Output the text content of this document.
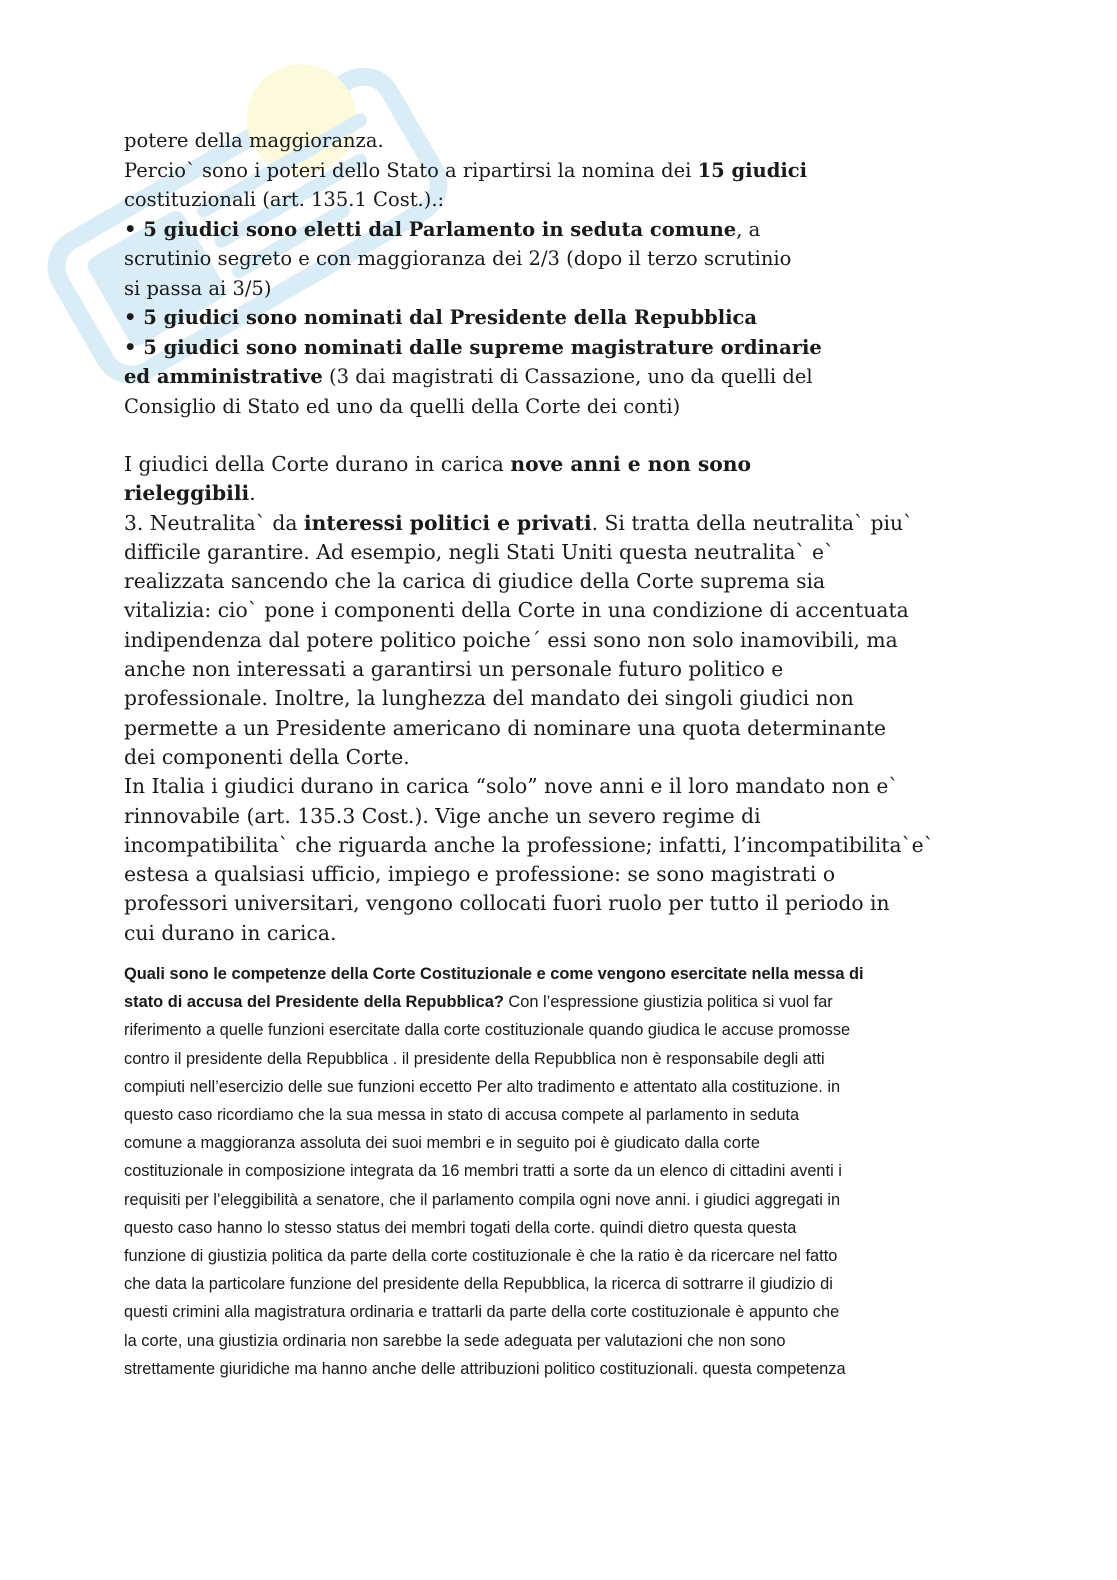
potere della maggioranza.

Percio` sono i poteri dello Stato a ripartirsi la nomina dei 15 giudici

costituzionali (art. 135.1 Cost.).:

• 5 giudici sono eletti dal Parlamento in seduta comune, a

scrutinio segreto e con maggioranza dei 2/3 (dopo il terzo scrutinio

si passa ai 3/5)

• 5 giudici sono nominati dal Presidente della Repubblica

• 5 giudici sono nominati dalle supreme magistrature ordinarie

ed amministrative (3 dai magistrati di Cassazione, uno da quelli del

Consiglio di Stato ed uno da quelli della Corte dei conti)

I giudici della Corte durano in carica nove anni e non sono

rieleggibili.

3. Neutralita` da interessi politici e privati. Si tratta della neutralita` piu`

difficile garantire. Ad esempio, negli Stati Uniti questa neutralita` e`

realizzata sancendo che la carica di giudice della Corte suprema sia

vitalizia: cio` pone i componenti della Corte in una condizione di accentuata

indipendenza dal potere politico poiche´ essi sono non solo inamovibili, ma

anche non interessati a garantirsi un personale futuro politico e

professionale. Inoltre, la lunghezza del mandato dei singoli giudici non

permette a un Presidente americano di nominare una quota determinante

dei componenti della Corte.

In Italia i giudici durano in carica “solo” nove anni e il loro mandato non e`

rinnovabile (art. 135.3 Cost.). Vige anche un severo regime di

incompatibilita` che riguarda anche la professione; infatti, l’incompatibilita`e`

estesa a qualsiasi ufficio, impiego e professione: se sono magistrati o

professori universitari, vengono collocati fuori ruolo per tutto il periodo in

cui durano in carica.

Quali sono le competenze della Corte Costituzionale e come vengono esercitate nella messa di
stato di accusa del Presidente della Repubblica? Con l’espressione giustizia politica si vuol far
riferimento a quelle funzioni esercitate dalla corte costituzionale quando giudica le accuse promosse
contro il presidente della Repubblica . il presidente della Repubblica non è responsabile degli atti
compiuti nell’esercizio delle sue funzioni eccetto Per alto tradimento e attentato alla costituzione. in
questo caso ricordiamo che la sua messa in stato di accusa compete al parlamento in seduta
comune a maggioranza assoluta dei suoi membri e in seguito poi è giudicato dalla corte
costituzionale in composizione integrata da 16 membri tratti a sorte da un elenco di cittadini aventi i
requisiti per l’eleggibilità a senatore, che il parlamento compila ogni nove anni. i giudici aggregati in
questo caso hanno lo stesso status dei membri togati della corte. quindi dietro questa questa
funzione di giustizia politica da parte della corte costituzionale è che la ratio è da ricercare nel fatto
che data la particolare funzione del presidente della Repubblica, la ricerca di sottrarre il giudizio di
questi crimini alla magistratura ordinaria e trattarli da parte della corte costituzionale è appunto che
la corte, una giustizia ordinaria non sarebbe la sede adeguata per valutazioni che non sono
strettamente giuridiche ma hanno anche delle attribuzioni politico costituzionali. questa competenza
